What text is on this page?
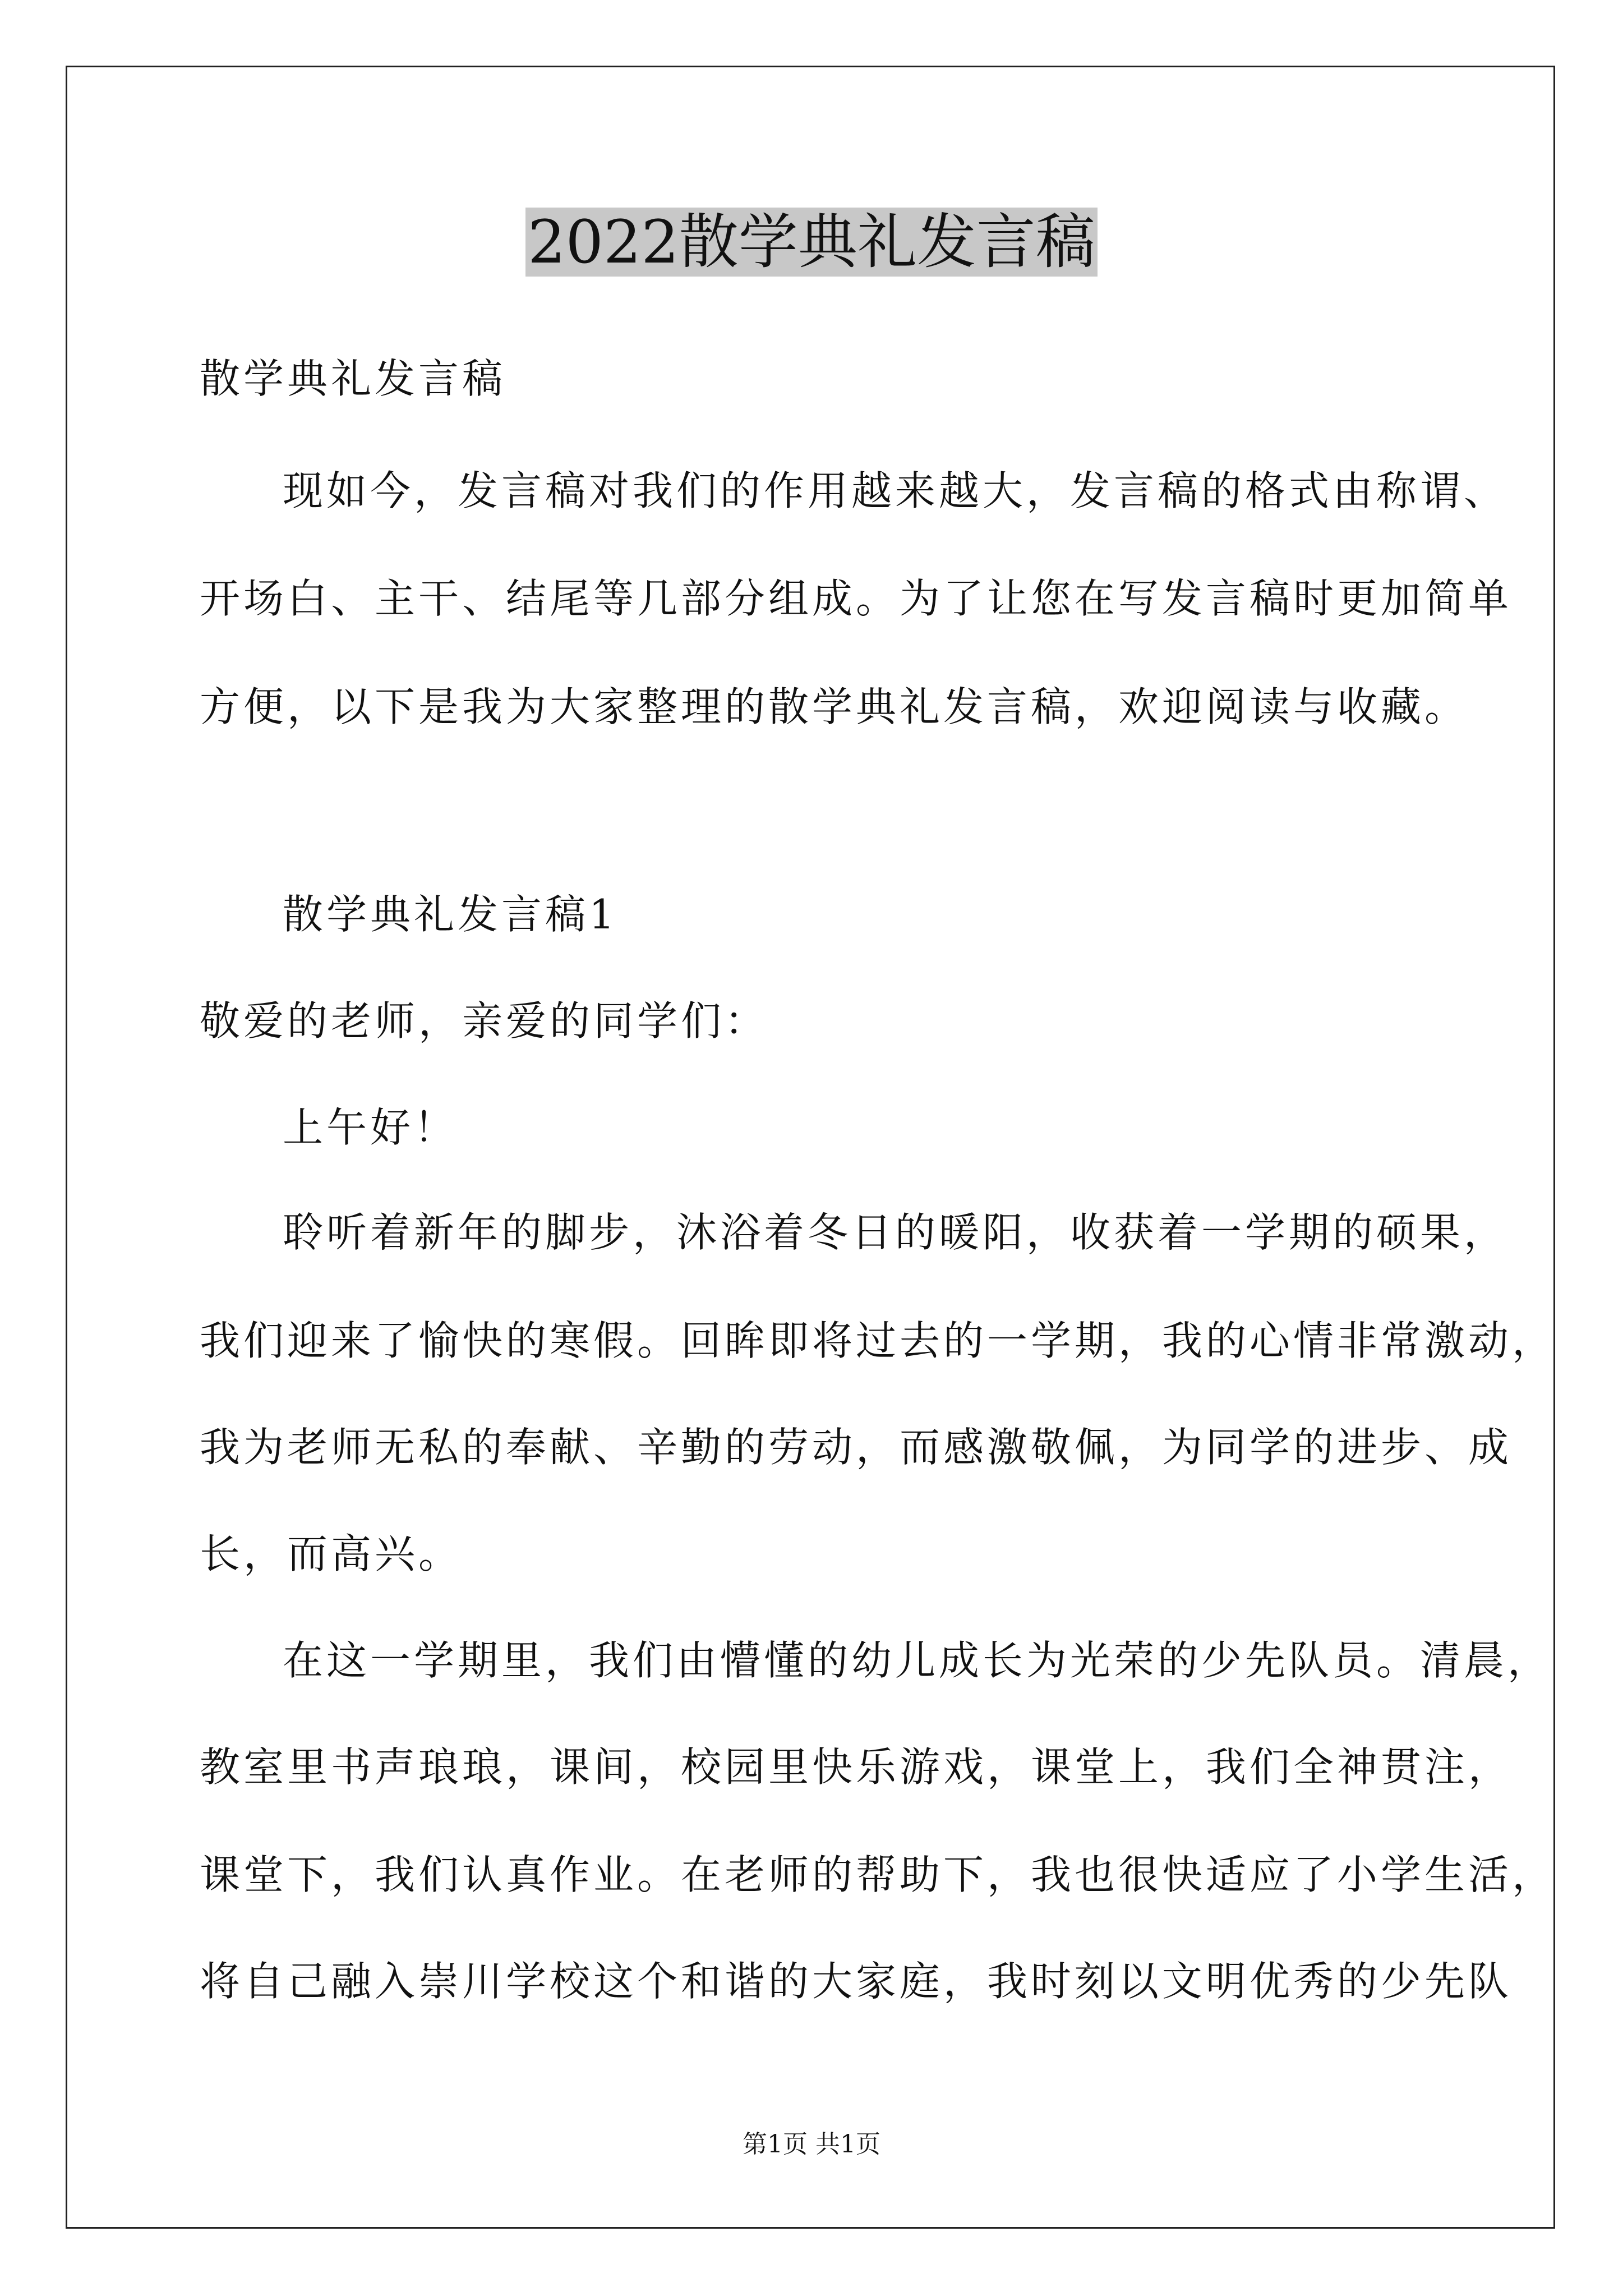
2022散学典礼发言稿
散学典礼发言稿
现如今，发言稿对我们的作用越来越大，发言稿的格式由称谓、
开场白、主干、结尾等几部分组成。为了让您在写发言稿时更加简单
方便，以下是我为大家整理的散学典礼发言稿，欢迎阅读与收藏。
散学典礼发言稿1
敬爱的老师，亲爱的同学们：
上午好！
聆听着新年的脚步，沐浴着冬日的暖阳，收获着一学期的硕果，
我们迎来了愉快的寒假。回眸即将过去的一学期，我的心情非常激动，
我为老师无私的奉献、辛勤的劳动，而感激敬佩，为同学的进步、成
长，而高兴。
在这一学期里，我们由懵懂的幼儿成长为光荣的少先队员。清晨，
教室里书声琅琅，课间，校园里快乐游戏，课堂上，我们全神贯注，
课堂下，我们认真作业。在老师的帮助下，我也很快适应了小学生活，
将自己融入崇川学校这个和谐的大家庭，我时刻以文明优秀的少先队
第1页 共1页
